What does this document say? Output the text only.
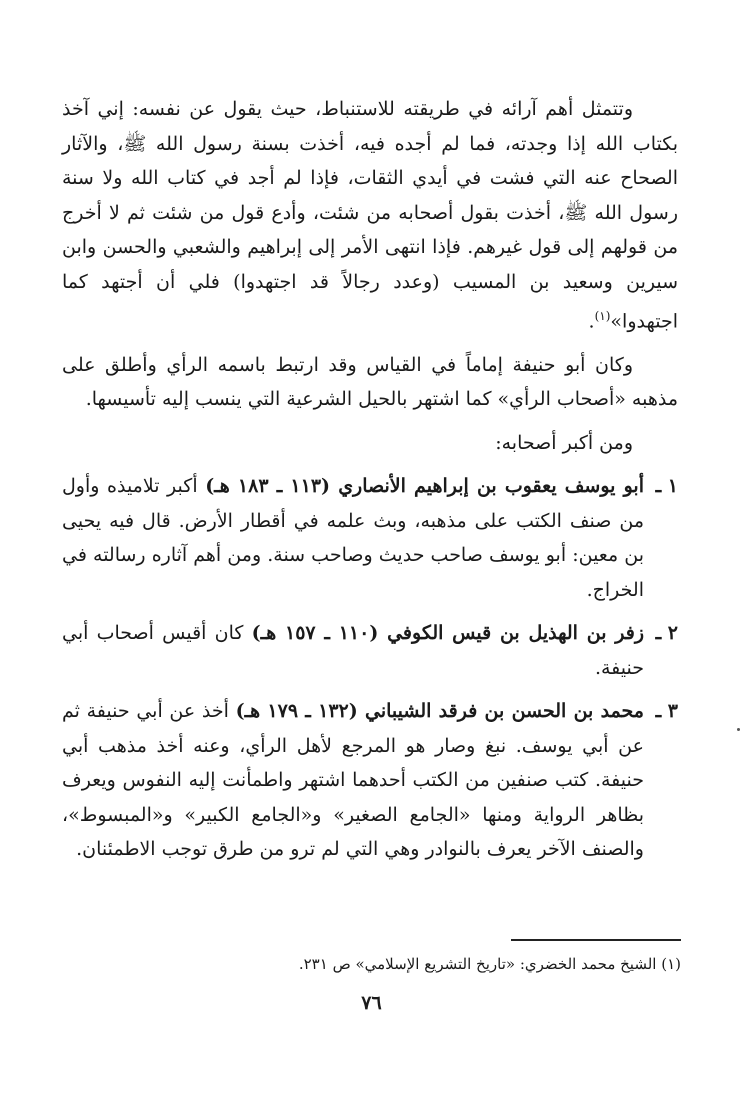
وتتمثل أهم آرائه في طريقته للاستنباط، حيث يقول عن نفسه: إني آخذ بكتاب الله إذا وجدته، فما لم أجده فيه، أخذت بسنة رسول الله ﷺ، والآثار الصحاح عنه التي فشت في أيدي الثقات، فإذا لم أجد في كتاب الله ولا سنة رسول الله ﷺ، أخذت بقول أصحابه من شئت، وأدع قول من شئت ثم لا أخرج من قولهم إلى قول غيرهم. فإذا انتهى الأمر إلى إبراهيم والشعبي والحسن وابن سيرين وسعيد بن المسيب (وعدد رجالاً قد اجتهدوا) فلي أن أجتهد كما اجتهدوا»$^{(١)}$.

وكان أبو حنيفة إماماً في القياس وقد ارتبط باسمه الرأي وأطلق على مذهبه «أصحاب الرأي» كما اشتهر بالحيل الشرعية التي ينسب إليه تأسيسها.

ومن أكبر أصحابه:

١ ـ
أبو يوسف يعقوب بن إبراهيم الأنصاري (١١٣ ـ ١٨٣ هـ) أكبر تلاميذه وأول من صنف الكتب على مذهبه، وبث علمه في أقطار الأرض. قال فيه يحيى بن معين: أبو يوسف صاحب حديث وصاحب سنة. ومن أهم آثاره رسالته في الخراج.
٢ ـ
زفر بن الهذيل بن قيس الكوفي (١١٠ ـ ١٥٧ هـ) كان أقيس أصحاب أبي حنيفة.
٣ ـ
محمد بن الحسن بن فرقد الشيباني (١٣٢ ـ ١٧٩ هـ) أخذ عن أبي حنيفة ثم عن أبي يوسف. نبغ وصار هو المرجع لأهل الرأي، وعنه أخذ مذهب أبي حنيفة. كتب صنفين من الكتب أحدهما اشتهر واطمأنت إليه النفوس ويعرف بظاهر الرواية ومنها «الجامع الصغير» و«الجامع الكبير» و«المبسوط»، والصنف الآخر يعرف بالنوادر وهي التي لم ترو من طرق توجب الاطمئنان.
(١) الشيخ محمد الخضري: «تاريخ التشريع الإسلامي» ص ٢٣١.
٧٦
